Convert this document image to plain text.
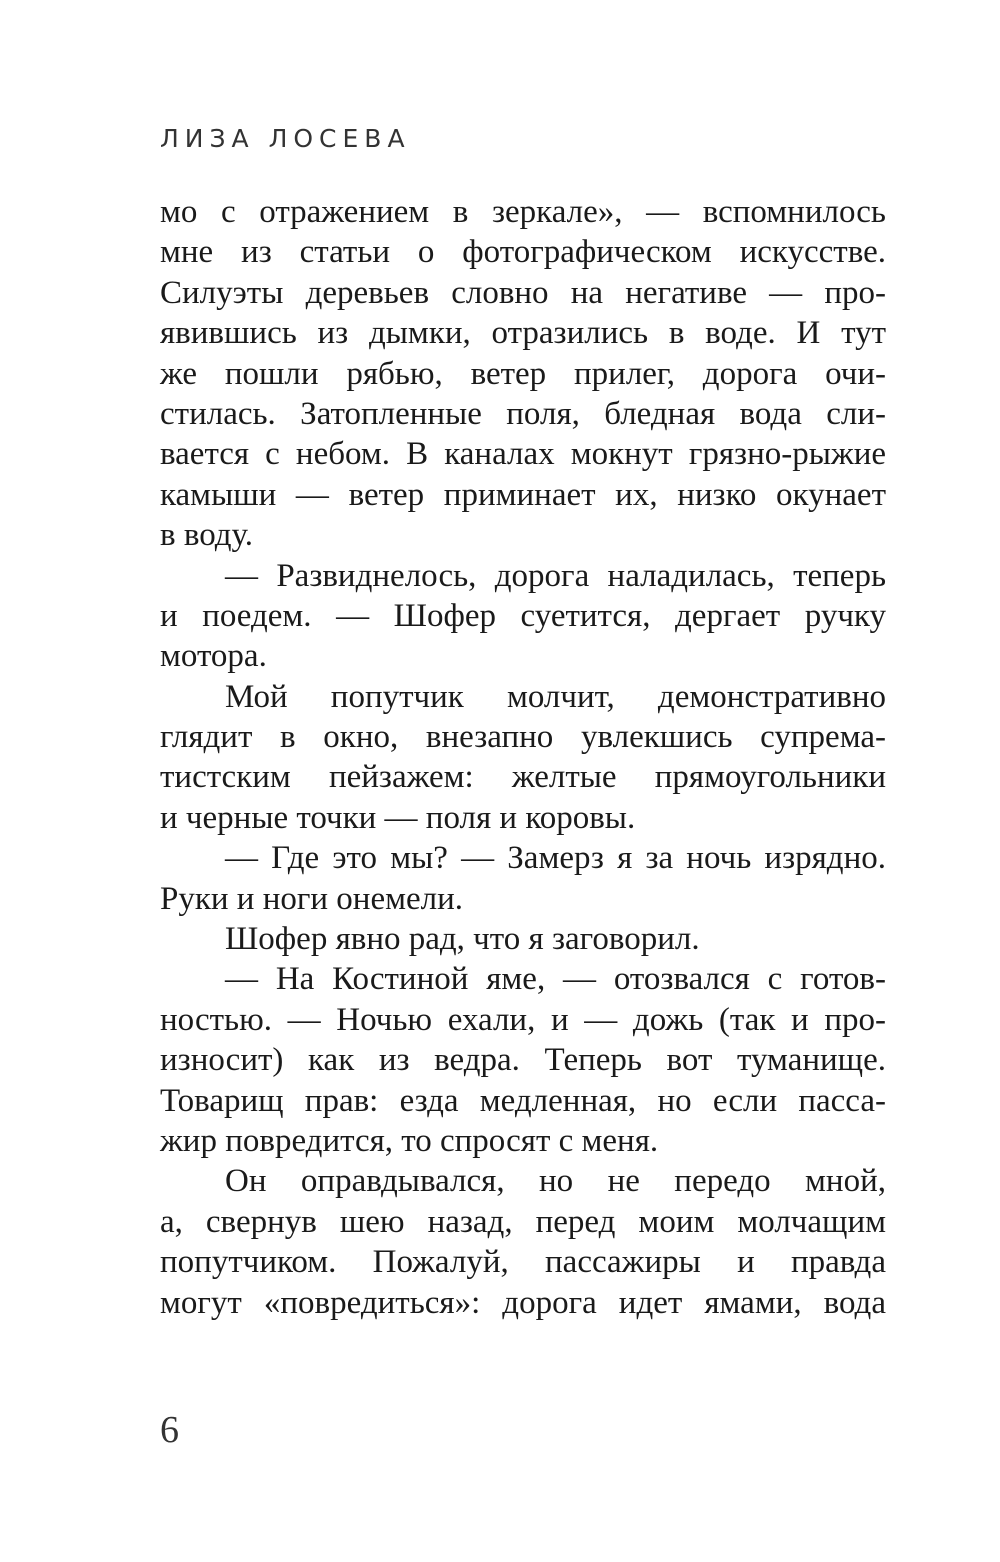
ЛИЗА ЛОСЕВА
мо с отражением в зеркале», — вспомнилось
мне из статьи о фотографическом искусстве.
Силуэты деревьев словно на негативе — про-
явившись из дымки, отразились в воде. И тут
же пошли рябью, ветер прилег, дорога очи-
стилась. Затопленные поля, бледная вода сли-
вается с небом. В каналах мокнут грязно-рыжие
камыши — ветер приминает их, низко окунает
в воду.
— Развиднелось, дорога наладилась, теперь
и поедем. — Шофер суетится, дергает ручку
мотора.
Мой попутчик молчит, демонстративно
глядит в окно, внезапно увлекшись супрема-
тистским пейзажем: желтые прямоугольники
и черные точки — поля и коровы.
— Где это мы? — Замерз я за ночь изрядно.
Руки и ноги онемели.
Шофер явно рад, что я заговорил.
— На Костиной яме, — отозвался с готов-
ностью. — Ночью ехали, и — дожь (так и про-
износит) как из ведра. Теперь вот туманище.
Товарищ прав: езда медленная, но если пасса-
жир повредится, то спросят с меня.
Он оправдывался, но не передо мной,
а, свернув шею назад, перед моим молчащим
попутчиком. Пожалуй, пассажиры и правда
могут «повредиться»: дорога идет ямами, вода
6
